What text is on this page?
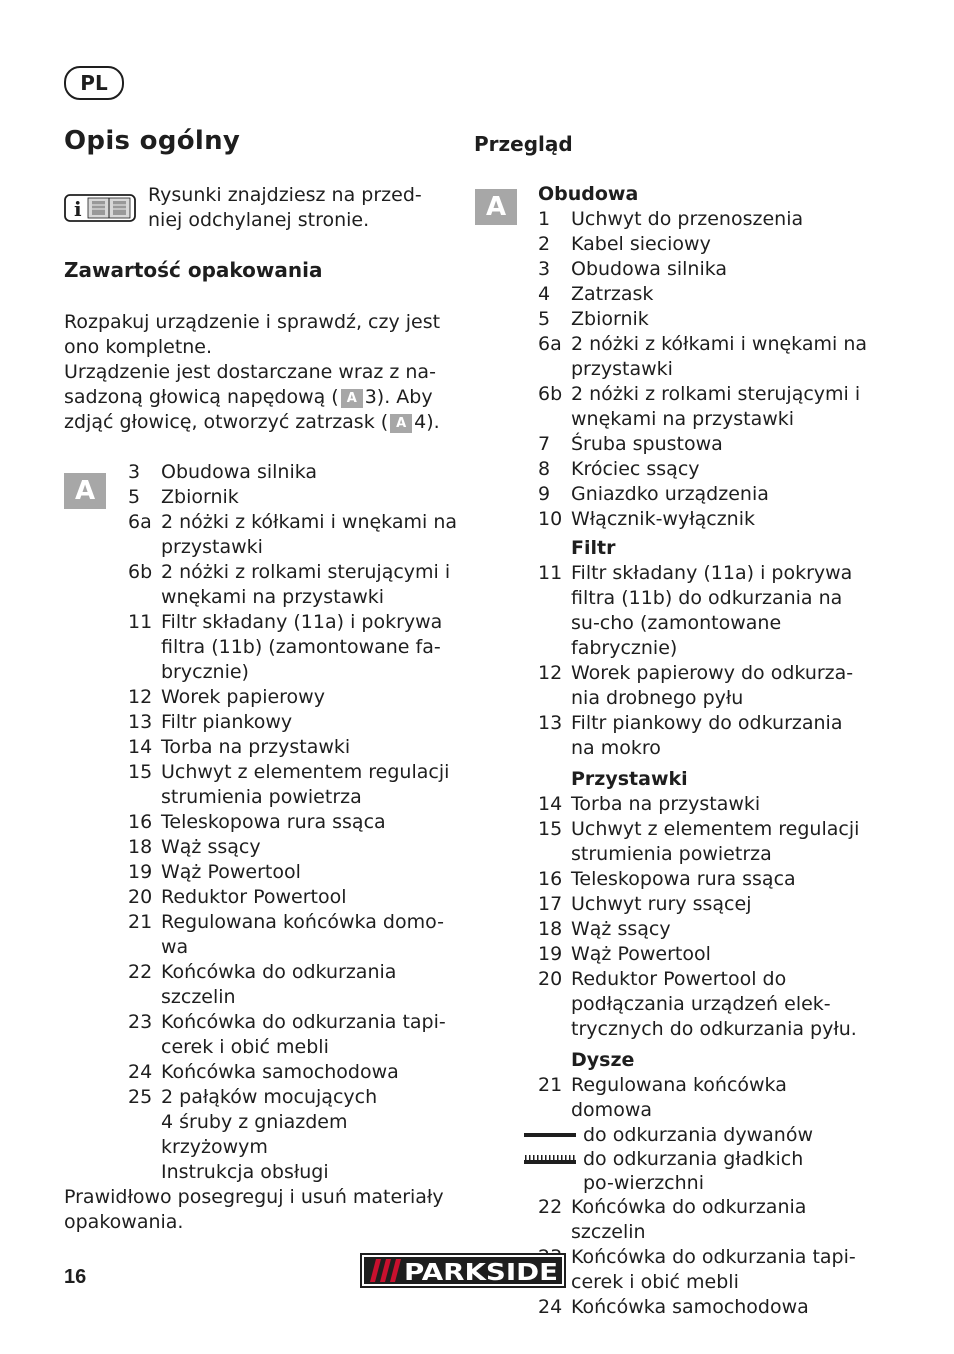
PL
Opis ogólny
i
Rysunki znajdziesz na przed-
niej odchylanej stronie.
Zawartość opakowania
Rozpakuj urządzenie i sprawdź, czy jest
ono kompletne.
Urządzenie jest dostarczane wraz z na-
sadzoną głowicą napędową ( A 3). Aby
zdjąć głowicę, otworzyć zatrzask ( A 4).
A
3 Obudowa silnika
5 Zbiornik
6a 2 nóżki z kółkami i wnękami na przystawki
6b 2 nóżki z rolkami sterującymi i wnękami na przystawki
11 Filtr składany (11a) i pokrywa filtra (11b) (zamontowane fa-brycznie)
12 Worek papierowy
13 Filtr piankowy
14 Torba na przystawki
15 Uchwyt z elementem regulacji strumienia powietrza
16 Teleskopowa rura ssąca
18 Wąż ssący
19 Wąż Powertool
20 Reduktor Powertool
21 Regulowana końcówka domo-wa
22 Końcówka do odkurzania szczelin
23 Końcówka do odkurzania tapi-cerek i obić mebli
24 Końcówka samochodowa
25 2 pałąków mocujących
4 śruby z gniazdem krzyżowym
Instrukcja obsługi
Prawidłowo posegreguj i usuń materiały
opakowania.
Przegląd
A	Obudowa
1 Uchwyt do przenoszenia
2 Kabel sieciowy
3 Obudowa silnika
4 Zatrzask
5 Zbiornik
6a 2 nóżki z kółkami i wnękami na przystawki
6b 2 nóżki z rolkami sterującymi i wnękami na przystawki
7 Śruba spustowa
8 Króciec ssący
9 Gniazdko urządzenia
10 Włącznik-wyłącznik
Filtr
11 Filtr składany (11a) i pokrywa filtra (11b) do odkurzania na su-cho (zamontowane fabrycznie)
12 Worek papierowy do odkurza-nia drobnego pyłu
13 Filtr piankowy do odkurzania na mokro
Przystawki
14 Torba na przystawki
15 Uchwyt z elementem regulacji strumienia powietrza
16 Teleskopowa rura ssąca
17 Uchwyt rury ssącej
18 Wąż ssący
19 Wąż Powertool
20 Reduktor Powertool do podłączania urządzeń elek-trycznych do odkurzania pyłu.
Dysze
21 Regulowana końcówka domowa
do odkurzania dywanów
do odkurzania gładkich po-wierzchni
22 Końcówka do odkurzania szczelin
Końcówka do odkurzania tapi-cerek i obić mebli
24 Końcówka samochodowa
16	PARKSIDE
